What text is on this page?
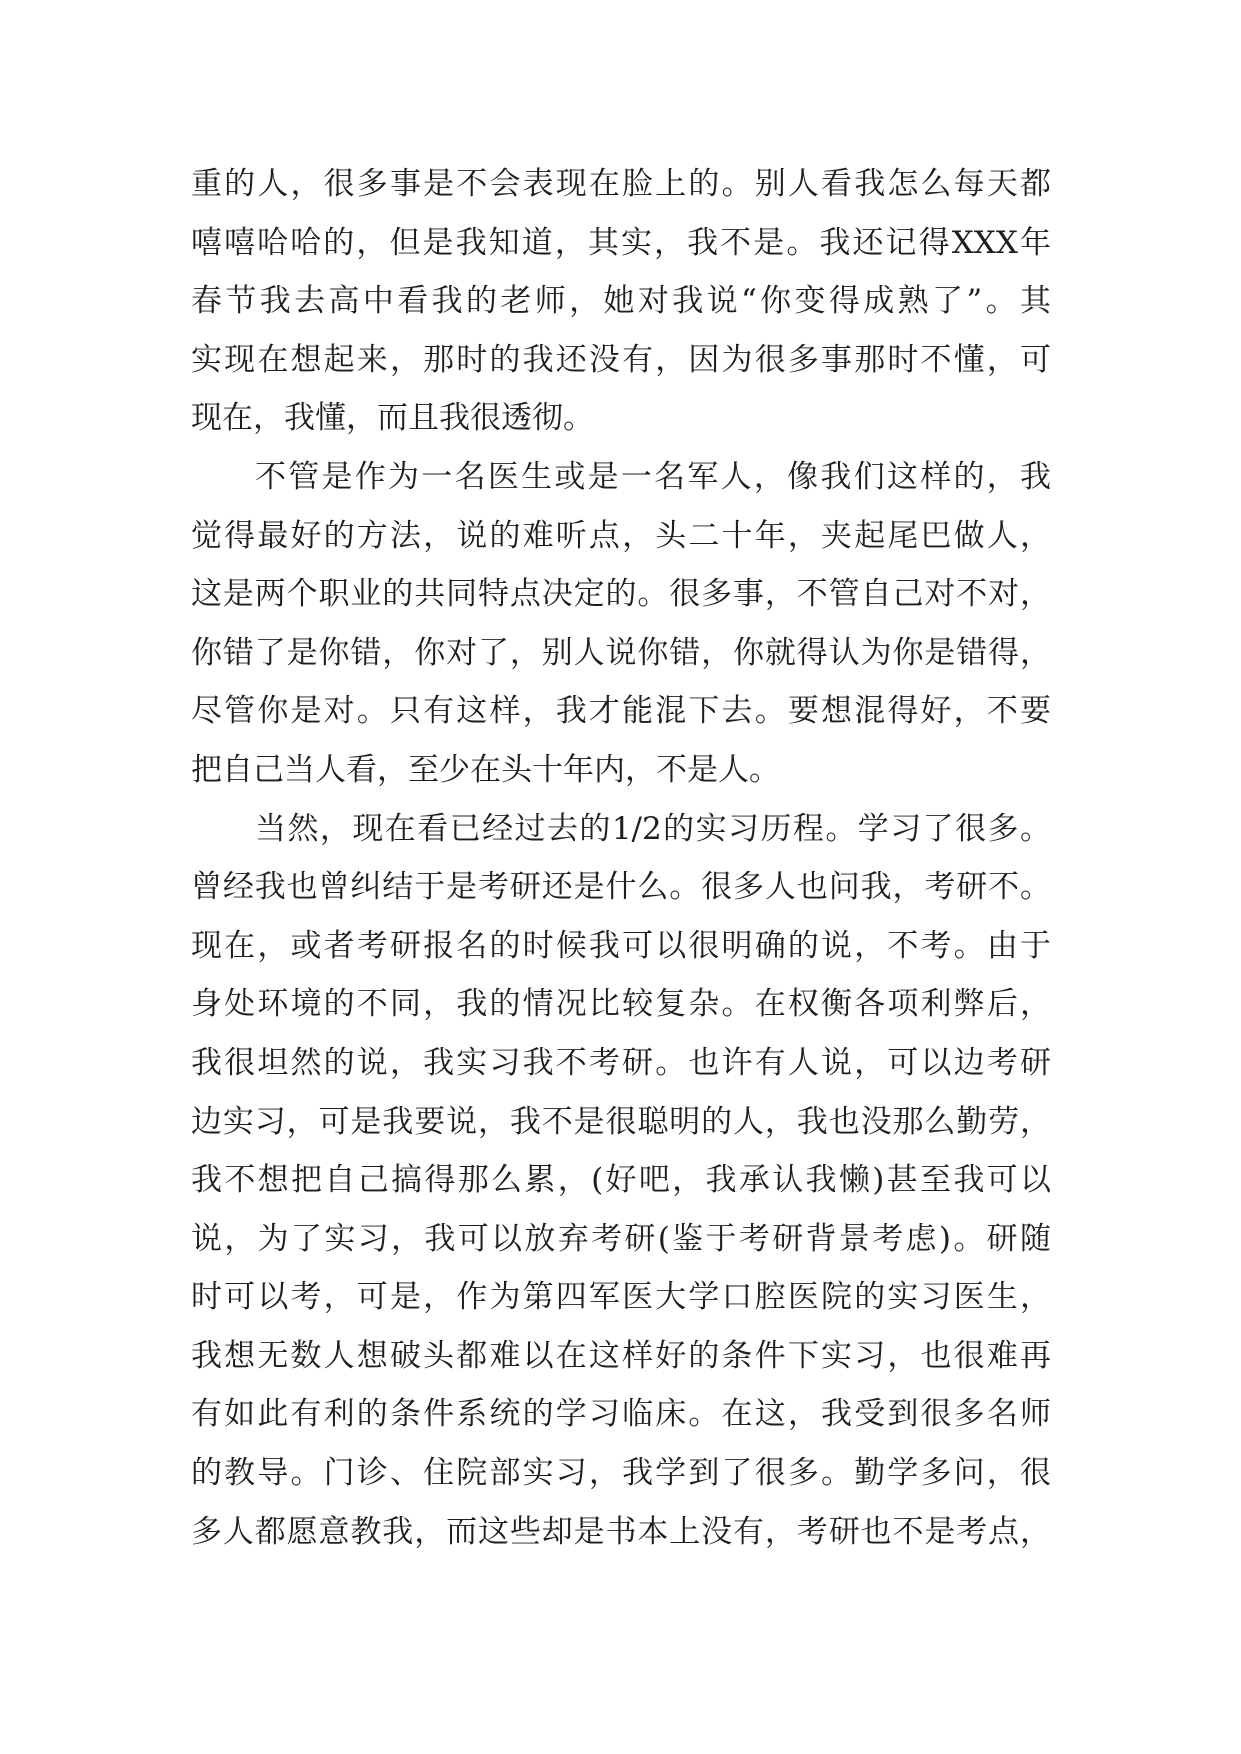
重的人，很多事是不会表现在脸上的。别人看我怎么每天都
嘻嘻哈哈的，但是我知道，其实，我不是。我还记得XXX年
春节我去高中看我的老师，她对我说“你变得成熟了”。其
实现在想起来，那时的我还没有，因为很多事那时不懂，可
现在，我懂，而且我很透彻。
不管是作为一名医生或是一名军人，像我们这样的，我
觉得最好的方法，说的难听点，头二十年，夹起尾巴做人，
这是两个职业的共同特点决定的。很多事，不管自己对不对，
你错了是你错，你对了，别人说你错，你就得认为你是错得，
尽管你是对。只有这样，我才能混下去。要想混得好，不要
把自己当人看，至少在头十年内，不是人。
当然，现在看已经过去的1/2的实习历程。学习了很多。
曾经我也曾纠结于是考研还是什么。很多人也问我，考研不。
现在，或者考研报名的时候我可以很明确的说，不考。由于
身处环境的不同，我的情况比较复杂。在权衡各项利弊后，
我很坦然的说，我实习我不考研。也许有人说，可以边考研
边实习，可是我要说，我不是很聪明的人，我也没那么勤劳，
我不想把自己搞得那么累，(好吧，我承认我懒)甚至我可以
说，为了实习，我可以放弃考研(鉴于考研背景考虑)。研随
时可以考，可是，作为第四军医大学口腔医院的实习医生，
我想无数人想破头都难以在这样好的条件下实习，也很难再
有如此有利的条件系统的学习临床。在这，我受到很多名师
的教导。门诊、住院部实习，我学到了很多。勤学多问，很
多人都愿意教我，而这些却是书本上没有，考研也不是考点，
